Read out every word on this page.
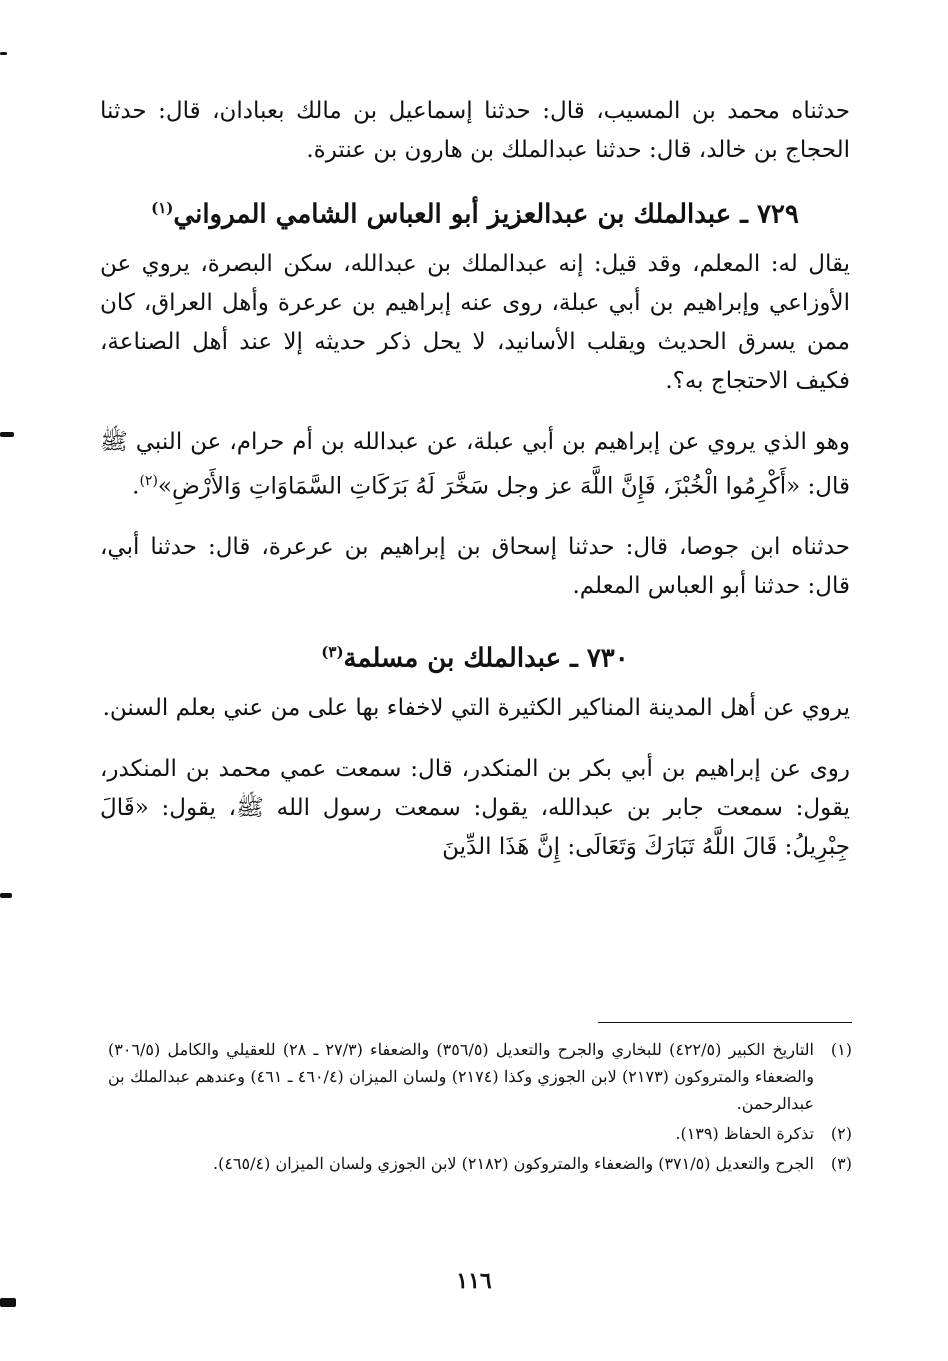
حدثناه محمد بن المسيب، قال: حدثنا إسماعيل بن مالك بعبادان، قال: حدثنا الحجاج بن خالد، قال: حدثنا عبدالملك بن هارون بن عنترة.

٧٢٩ ـ عبدالملك بن عبدالعزيز أبو العباس الشامي المرواني$^{(١)}$

يقال له: المعلم، وقد قيل: إنه عبدالملك بن عبدالله، سكن البصرة، يروي عن الأوزاعي وإبراهيم بن أبي عبلة، روى عنه إبراهيم بن عرعرة وأهل العراق، كان ممن يسرق الحديث ويقلب الأسانيد، لا يحل ذكر حديثه إلا عند أهل الصناعة، فكيف الاحتجاج به؟.

وهو الذي يروي عن إبراهيم بن أبي عبلة، عن عبدالله بن أم حرام، عن النبي ﷺ قال: «أَكْرِمُوا الْخُبْزَ، فَإِنَّ اللَّهَ عز وجل سَخَّرَ لَهُ بَرَكَاتِ السَّمَاوَاتِ وَالأَرْضِ»$^{(٢)}$.

حدثناه ابن جوصا، قال: حدثنا إسحاق بن إبراهيم بن عرعرة، قال: حدثنا أبي، قال: حدثنا أبو العباس المعلم.

٧٣٠ ـ عبدالملك بن مسلمة$^{(٣)}$

يروي عن أهل المدينة المناكير الكثيرة التي لاخفاء بها على من عني بعلم السنن.

روى عن إبراهيم بن أبي بكر بن المنكدر، قال: سمعت عمي محمد بن المنكدر، يقول: سمعت جابر بن عبدالله، يقول: سمعت رسول الله ﷺ، يقول: «قَالَ جِبْرِيلُ: قَالَ اللَّهُ تَبَارَكَ وَتَعَالَى: إِنَّ هَذَا الدِّينَ

(١)
التاريخ الكبير (٤٢٢/٥) للبخاري والجرح والتعديل (٣٥٦/٥) والضعفاء (٢٧/٣ ـ ٢٨) للعقيلي والكامل (٣٠٦/٥) والضعفاء والمتروكون (٢١٧٣) لابن الجوزي وكذا (٢١٧٤) ولسان الميزان (٤٦٠/٤ ـ ٤٦١) وعندهم عبدالملك بن عبدالرحمن.
(٢)
تذكرة الحفاظ (١٣٩).
(٣)
الجرح والتعديل (٣٧١/٥) والضعفاء والمتروكون (٢١٨٢) لابن الجوزي ولسان الميزان (٤٦٥/٤).
١١٦
